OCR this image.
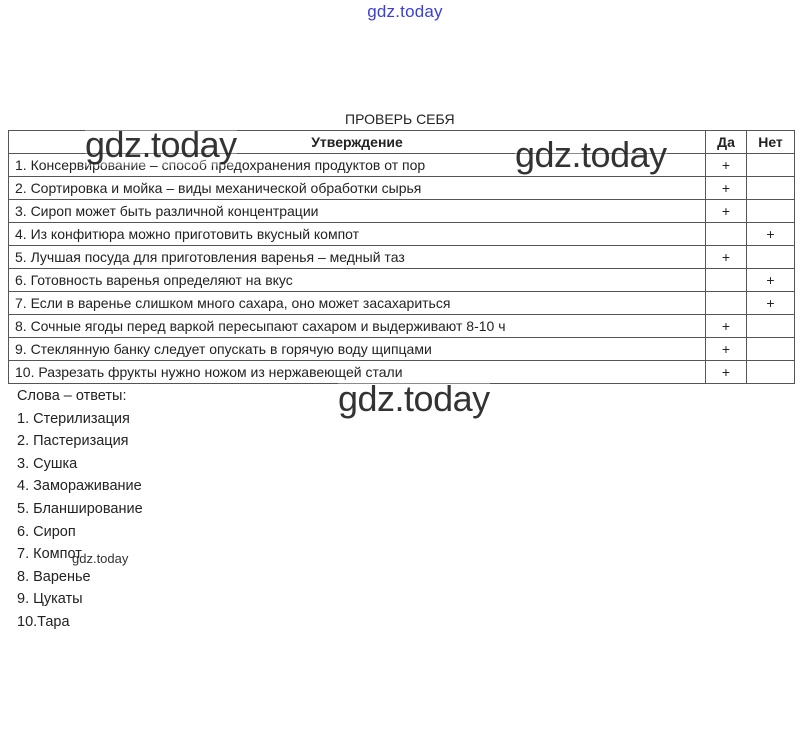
gdz.today
ПРОВЕРЬ СЕБЯ
Утверждение	Да	Нет
1. Консервирование – способ предохранения продуктов от пор	+	
2. Сортировка и мойка – виды механической обработки сырья	+	
3. Сироп может быть различной концентрации	+	
4. Из конфитюра можно приготовить вкусный компот		+
5. Лучшая посуда для приготовления варенья – медный таз	+	
6. Готовность варенья определяют на вкус		+
7. Если в варенье слишком много сахара, оно может засахариться		+
8. Сочные ягоды перед варкой пересыпают сахаром и выдерживают 8-10 ч	+	
9. Стеклянную банку следует опускать в горячую воду щипцами	+	
10. Разрезать фрукты нужно ножом из нержавеющей стали	+	
Слова – ответы:
1. Стерилизация
2. Пастеризация
3. Сушка
4. Замораживание
5. Бланширование
6. Сироп
7. Компот
8. Варенье
9. Цукаты
10.Тара
gdz.today	gdz.today
gdz.today
gdz.today
